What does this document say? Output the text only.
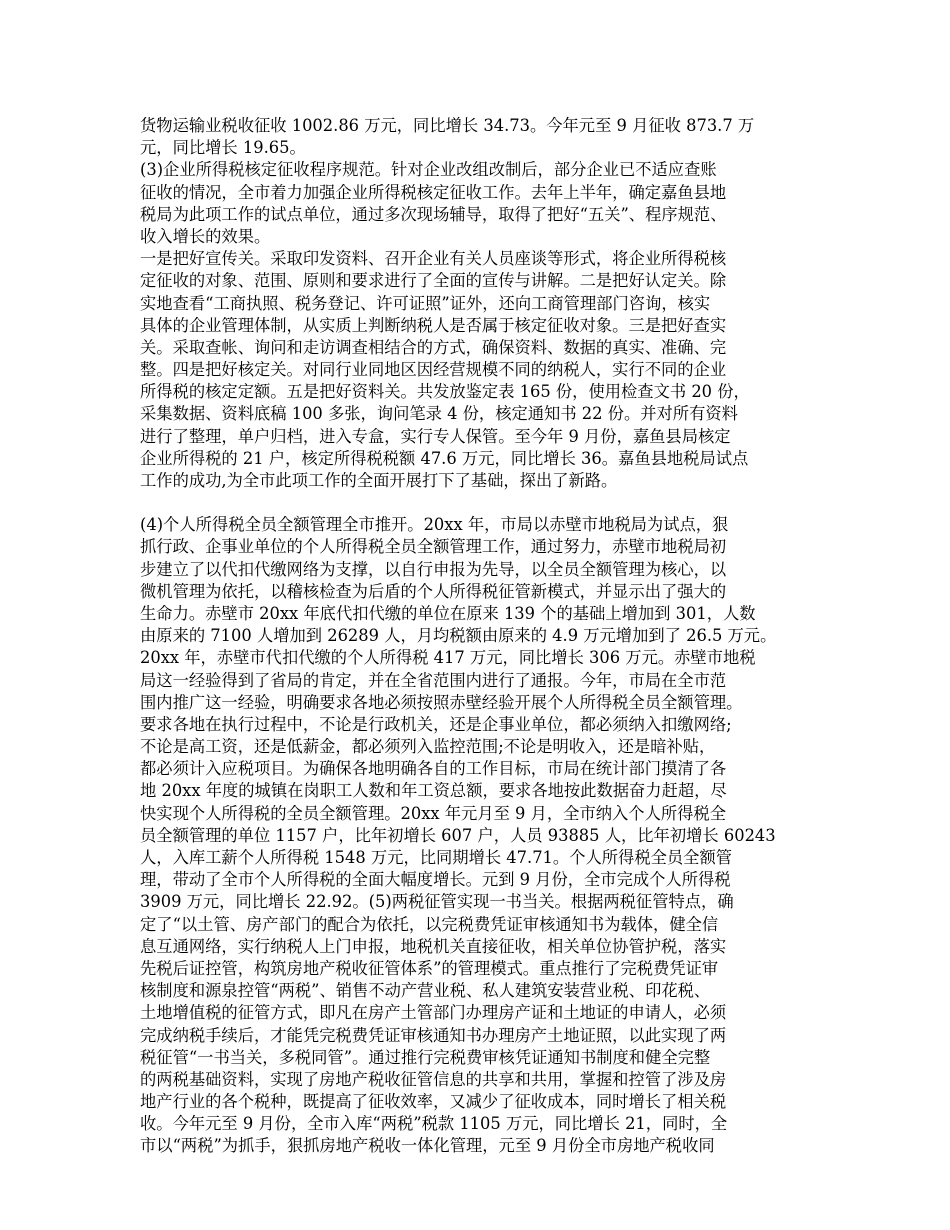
货物运输业税收征收 1002.86 万元，同比增长 34.73。今年元至 9 月征收 873.7 万
元，同比增长 19.65。
(3)企业所得税核定征收程序规范。针对企业改组改制后，部分企业已不适应查账
征收的情况，全市着力加强企业所得税核定征收工作。去年上半年，确定嘉鱼县地
税局为此项工作的试点单位，通过多次现场辅导，取得了把好“五关”、程序规范、
收入增长的效果。
一是把好宣传关。采取印发资料、召开企业有关人员座谈等形式，将企业所得税核
定征收的对象、范围、原则和要求进行了全面的宣传与讲解。二是把好认定关。除
实地查看“工商执照、税务登记、许可证照”证外，还向工商管理部门咨询，核实
具体的企业管理体制，从实质上判断纳税人是否属于核定征收对象。三是把好查实
关。采取查帐、询问和走访调查相结合的方式，确保资料、数据的真实、准确、完
整。四是把好核定关。对同行业同地区因经营规模不同的纳税人，实行不同的企业
所得税的核定定额。五是把好资料关。共发放鉴定表 165 份，使用检查文书 20 份，
采集数据、资料底稿 100 多张，询问笔录 4 份，核定通知书 22 份。并对所有资料
进行了整理，单户归档，进入专盒，实行专人保管。至今年 9 月份，嘉鱼县局核定
企业所得税的 21 户，核定所得税税额 47.6 万元，同比增长 36。嘉鱼县地税局试点
工作的成功,为全市此项工作的全面开展打下了基础，探出了新路。
(4)个人所得税全员全额管理全市推开。20xx 年，市局以赤壁市地税局为试点，狠
抓行政、企事业单位的个人所得税全员全额管理工作，通过努力，赤壁市地税局初
步建立了以代扣代缴网络为支撑，以自行申报为先导，以全员全额管理为核心，以
微机管理为依托，以稽核检查为后盾的个人所得税征管新模式，并显示出了强大的
生命力。赤壁市 20xx 年底代扣代缴的单位在原来 139 个的基础上增加到 301，人数
由原来的 7100 人增加到 26289 人，月均税额由原来的 4.9 万元增加到了 26.5 万元。
20xx 年，赤壁市代扣代缴的个人所得税 417 万元，同比增长 306 万元。赤壁市地税
局这一经验得到了省局的肯定，并在全省范围内进行了通报。今年，市局在全市范
围内推广这一经验，明确要求各地必须按照赤壁经验开展个人所得税全员全额管理。
要求各地在执行过程中，不论是行政机关，还是企事业单位，都必须纳入扣缴网络;
不论是高工资，还是低薪金，都必须列入监控范围;不论是明收入，还是暗补贴，
都必须计入应税项目。为确保各地明确各自的工作目标，市局在统计部门摸清了各
地 20xx 年度的城镇在岗职工人数和年工资总额，要求各地按此数据奋力赶超，尽
快实现个人所得税的全员全额管理。20xx 年元月至 9 月，全市纳入个人所得税全
员全额管理的单位 1157 户，比年初增长 607 户，人员 93885 人，比年初增长 60243
人，入库工薪个人所得税 1548 万元，比同期增长 47.71。个人所得税全员全额管
理，带动了全市个人所得税的全面大幅度增长。元到 9 月份，全市完成个人所得税
3909 万元，同比增长 22.92。(5)两税征管实现一书当关。根据两税征管特点，确
定了“以土管、房产部门的配合为依托，以完税费凭证审核通知书为载体，健全信
息互通网络，实行纳税人上门申报，地税机关直接征收，相关单位协管护税，落实
先税后证控管，构筑房地产税收征管体系”的管理模式。重点推行了完税费凭证审
核制度和源泉控管“两税”、销售不动产营业税、私人建筑安装营业税、印花税、
土地增值税的征管方式，即凡在房产土管部门办理房产证和土地证的申请人，必须
完成纳税手续后，才能凭完税费凭证审核通知书办理房产土地证照，以此实现了两
税征管“一书当关，多税同管”。通过推行完税费审核凭证通知书制度和健全完整
的两税基础资料，实现了房地产税收征管信息的共享和共用，掌握和控管了涉及房
地产行业的各个税种，既提高了征收效率，又减少了征收成本，同时增长了相关税
收。今年元至 9 月份，全市入库“两税”税款 1105 万元，同比增长 21，同时，全
市以“两税”为抓手，狠抓房地产税收一体化管理，元至 9 月份全市房地产税收同
